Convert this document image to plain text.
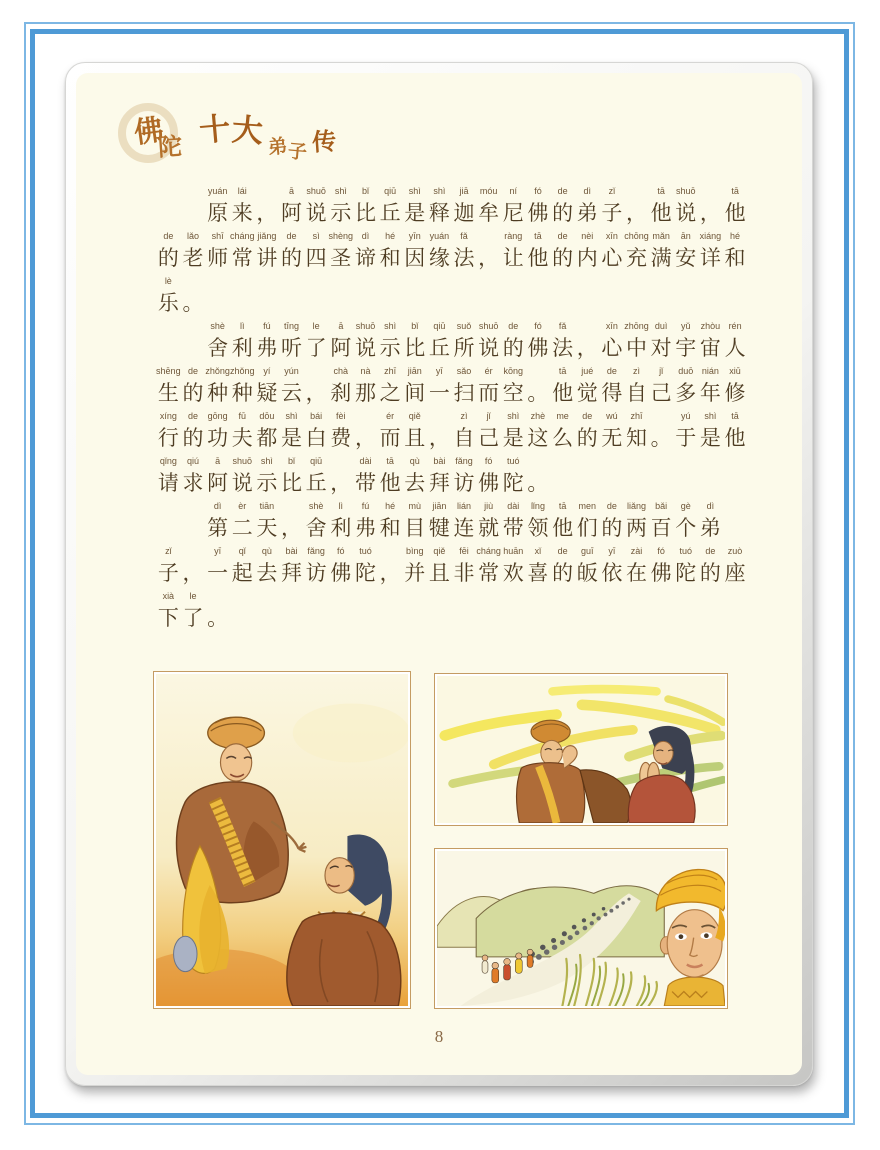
佛陀 十大 弟子 传
yuán
原
lái
来 ，
ā
阿
shuō
说
shì
示
bǐ
比
qiū
丘
shì
是
shì
释
jiā
迦
móu
牟
ní
尼
fó
佛
de
的
dì
弟
zǐ
子 ，
tā
他
shuō
说 ，
tā
他
de
的
lǎo
老
shī
师
cháng
常
jiǎng
讲
de
的
sì
四
shèng
圣
dì
谛
hé
和
yīn
因
yuán
缘
fǎ
法 ，
ràng
让
tā
他
de
的
nèi
内
xīn
心
chōng
充
mǎn
满
ān
安
xiáng
详
hé
和
lè
乐 。
shè
舍
lì
利
fú
弗
tīng
听
le
了
ā
阿
shuō
说
shì
示
bǐ
比
qiū
丘
suǒ
所
shuō
说
de
的
fó
佛
fǎ
法 ，
xīn
心
zhōng
中
duì
对
yǔ
宇
zhòu
宙
rén
人
shēng
生
de
的
zhǒng
种
zhǒng
种
yí
疑
yún
云 ，
chà
刹
nà
那
zhī
之
jiān
间
yī
一
sǎo
扫
ér
而
kōng
空 。
tā
他
jué
觉
de
得
zì
自
jǐ
己
duō
多
nián
年
xiū
修
xíng
行
de
的
gōng
功
fū
夫
dōu
都
shì
是
bái
白
fèi
费 ，
ér
而
qiě
且 ，
zì
自
jǐ
己
shì
是
zhè
这
me
么
de
的
wú
无
zhī
知 。
yú
于
shì
是
tā
他
qǐng
请
qiú
求
ā
阿
shuō
说
shì
示
bǐ
比
qiū
丘 ，
dài
带
tā
他
qù
去
bài
拜
fǎng
访
fó
佛
tuó
陀 。
dì
第
èr
二
tiān
天 ，
shè
舍
lì
利
fú
弗
hé
和
mù
目
jiān
犍
lián
连
jiù
就
dài
带
lǐng
领
tā
他
men
们
de
的
liǎng
两
bǎi
百
gè
个
dì
弟
zǐ
子 ，
yī
一
qǐ
起
qù
去
bài
拜
fǎng
访
fó
佛
tuó
陀 ，
bìng
并
qiě
且
fēi
非
cháng
常
huān
欢
xǐ
喜
de
的
guī
皈
yī
依
zài
在
fó
佛
tuó
陀
de
的
zuò
座
xià
下
le
了 。
8
